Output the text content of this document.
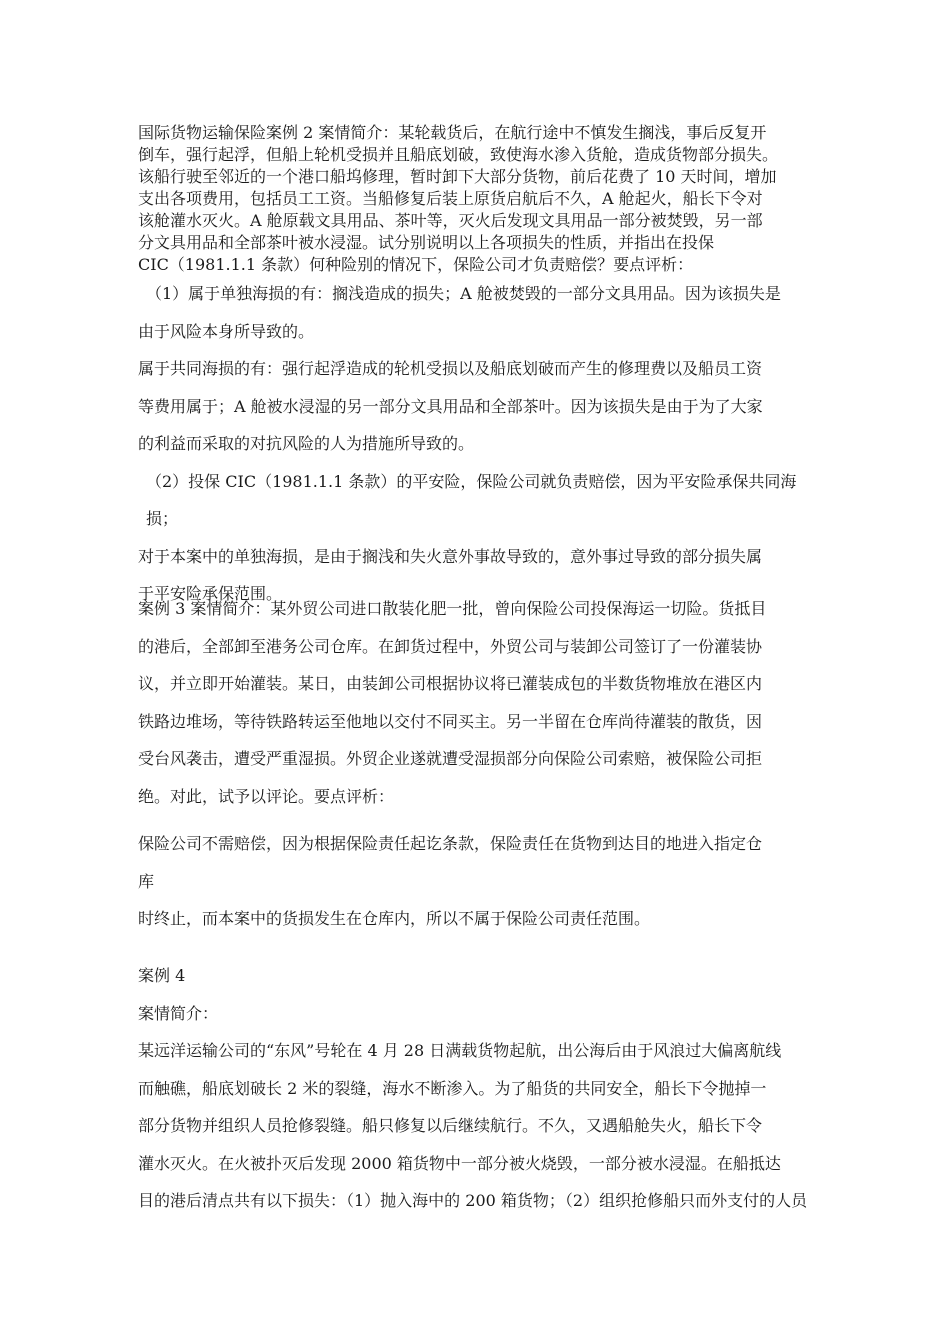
国际货物运输保险案例 2 案情简介：某轮载货后，在航行途中不慎发生搁浅，事后反复开

倒车，强行起浮，但船上轮机受损并且船底划破，致使海水渗入货舱，造成货物部分损失。

该船行驶至邻近的一个港口船坞修理，暂时卸下大部分货物，前后花费了 10 天时间，增加

支出各项费用，包括员工工资。当船修复后装上原货启航后不久，A 舱起火，船长下令对

该舱灌水灭火。A 舱原载文具用品、茶叶等，灭火后发现文具用品一部分被焚毁，另一部

分文具用品和全部茶叶被水浸湿。试分别说明以上各项损失的性质，并指出在投保

CIC（1981.1.1 条款）何种险别的情况下，保险公司才负责赔偿？要点评析：

（1）属于单独海损的有：搁浅造成的损失；A 舱被焚毁的一部分文具用品。因为该损失是

由于风险本身所导致的。

属于共同海损的有：强行起浮造成的轮机受损以及船底划破而产生的修理费以及船员工资

等费用属于；A 舱被水浸湿的另一部分文具用品和全部茶叶。因为该损失是由于为了大家

的利益而采取的对抗风险的人为措施所导致的。

（2）投保 CIC（1981.1.1 条款）的平安险，保险公司就负责赔偿，因为平安险承保共同海损；

对于本案中的单独海损，是由于搁浅和失火意外事故导致的，意外事过导致的部分损失属

于平安险承保范围。

案例 3 案情简介：某外贸公司进口散装化肥一批，曾向保险公司投保海运一切险。货抵目

的港后，全部卸至港务公司仓库。在卸货过程中，外贸公司与装卸公司签订了一份灌装协

议，并立即开始灌装。某日，由装卸公司根据协议将已灌装成包的半数货物堆放在港区内

铁路边堆场，等待铁路转运至他地以交付不同买主。另一半留在仓库尚待灌装的散货，因

受台风袭击，遭受严重湿损。外贸企业遂就遭受湿损部分向保险公司索赔，被保险公司拒

绝。对此，试予以评论。要点评析：

保险公司不需赔偿，因为根据保险责任起讫条款，保险责任在货物到达目的地进入指定仓

库

时终止，而本案中的货损发生在仓库内，所以不属于保险公司责任范围。

案例 4

案情简介：

某远洋运输公司的“东风”号轮在 4 月 28 日满载货物起航，出公海后由于风浪过大偏离航线

而触礁，船底划破长 2 米的裂缝，海水不断渗入。为了船货的共同安全，船长下令抛掉一

部分货物并组织人员抢修裂缝。船只修复以后继续航行。不久，又遇船舱失火，船长下令

灌水灭火。在火被扑灭后发现 2000 箱货物中一部分被火烧毁，一部分被水浸湿。在船抵达

目的港后清点共有以下损失：（1）抛入海中的 200 箱货物；（2）组织抢修船只而外支付的人员
